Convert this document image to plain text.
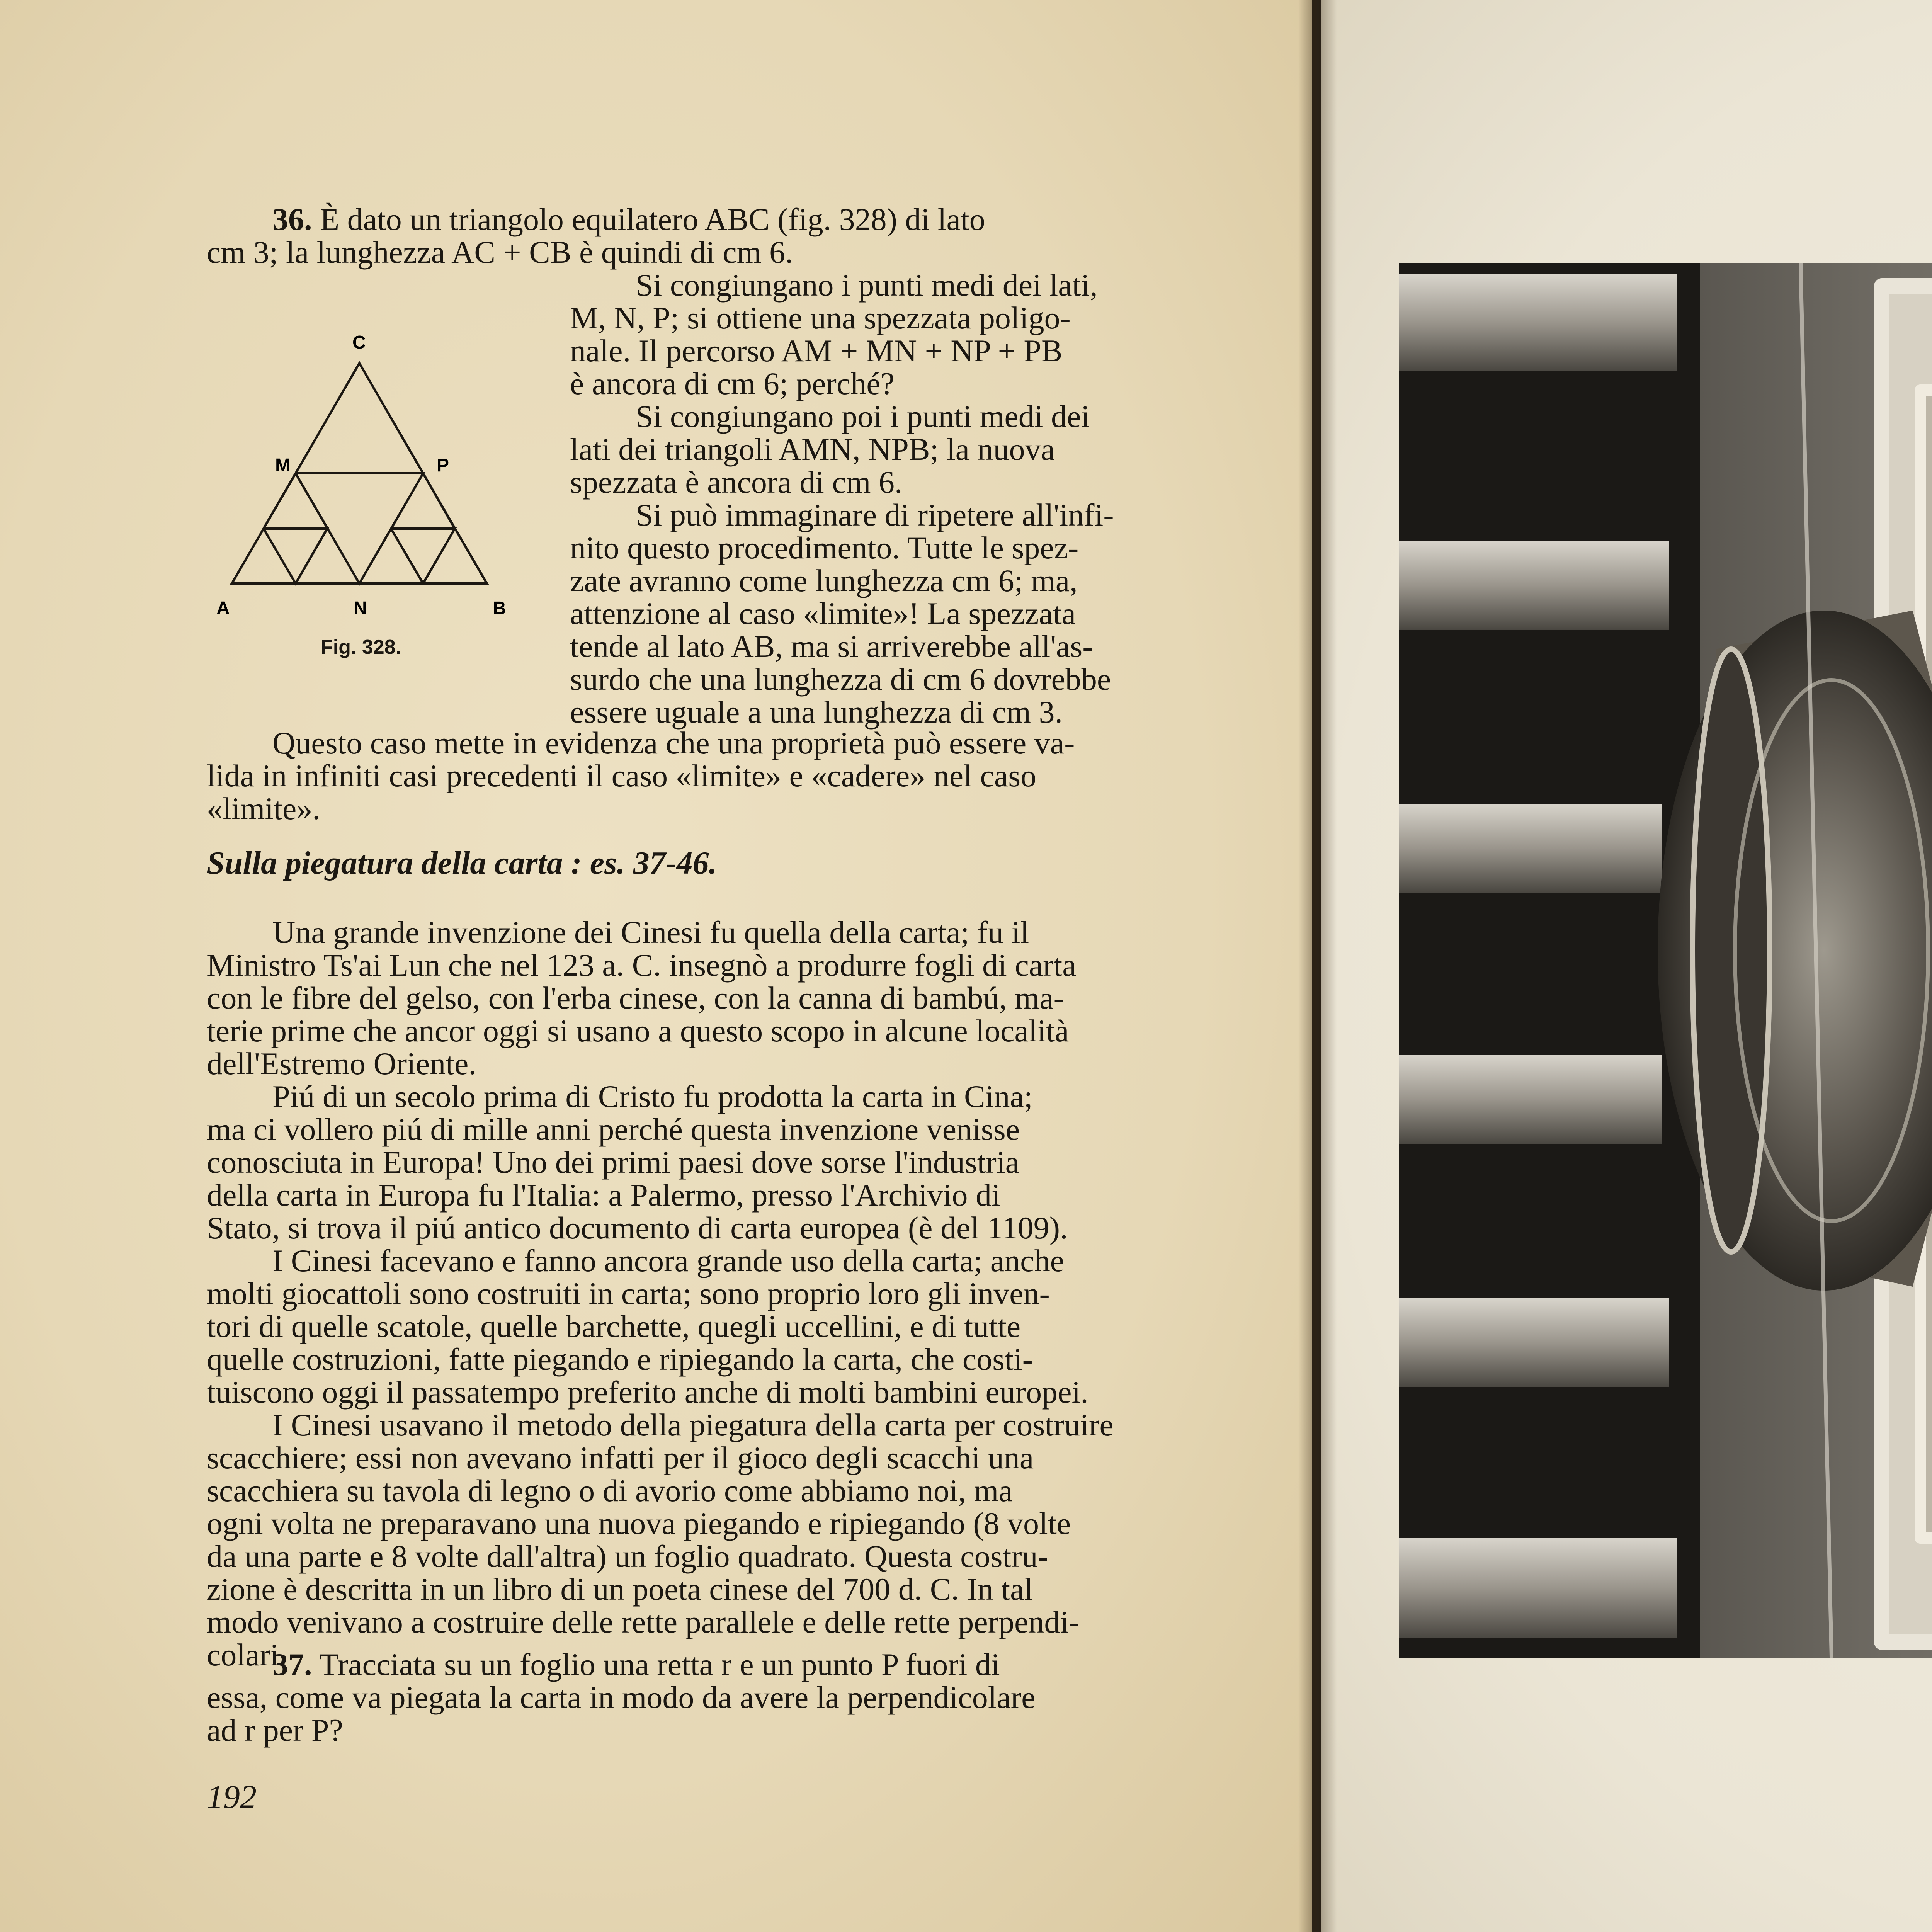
36. È dato un triangolo equilatero ABC (fig. 328) di lato
cm 3; la lunghezza AC + CB è quindi di cm 6.
C
M	P
A	N	B
Fig. 328.
Si congiungano i punti medi dei lati,
M, N, P; si ottiene una spezzata poligo-
nale. Il percorso AM + MN + NP + PB
è ancora di cm 6; perché?
Si congiungano poi i punti medi dei
lati dei triangoli AMN, NPB; la nuova
spezzata è ancora di cm 6.
Si può immaginare di ripetere all'infi-
nito questo procedimento. Tutte le spez-
zate avranno come lunghezza cm 6; ma,
attenzione al caso «limite»! La spezzata
tende al lato AB, ma si arriverebbe all'as-
surdo che una lunghezza di cm 6 dovrebbe
essere uguale a una lunghezza di cm 3.
Questo caso mette in evidenza che una proprietà può essere va-
lida in infiniti casi precedenti il caso «limite» e «cadere» nel caso
«limite».
Sulla piegatura della carta : es. 37-46.
Una grande invenzione dei Cinesi fu quella della carta; fu il
Ministro Ts'ai Lun che nel 123 a. C. insegnò a produrre fogli di carta
con le fibre del gelso, con l'erba cinese, con la canna di bambú, ma-
terie prime che ancor oggi si usano a questo scopo in alcune località
dell'Estremo Oriente.
Piú di un secolo prima di Cristo fu prodotta la carta in Cina;
ma ci vollero piú di mille anni perché questa invenzione venisse
conosciuta in Europa! Uno dei primi paesi dove sorse l'industria
della carta in Europa fu l'Italia: a Palermo, presso l'Archivio di
Stato, si trova il piú antico documento di carta europea (è del 1109).
I Cinesi facevano e fanno ancora grande uso della carta; anche
molti giocattoli sono costruiti in carta; sono proprio loro gli inven-
tori di quelle scatole, quelle barchette, quegli uccellini, e di tutte
quelle costruzioni, fatte piegando e ripiegando la carta, che costi-
tuiscono oggi il passatempo preferito anche di molti bambini europei.
I Cinesi usavano il metodo della piegatura della carta per costruire
scacchiere; essi non avevano infatti per il gioco degli scacchi una
scacchiera su tavola di legno o di avorio come abbiamo noi, ma
ogni volta ne preparavano una nuova piegando e ripiegando (8 volte
da una parte e 8 volte dall'altra) un foglio quadrato. Questa costru-
zione è descritta in un libro di un poeta cinese del 700 d. C. In tal
modo venivano a costruire delle rette parallele e delle rette perpendi-
colari.
37. Tracciata su un foglio una retta r e un punto P fuori di
essa, come va piegata la carta in modo da avere la perpendicolare
ad r per P?
192
